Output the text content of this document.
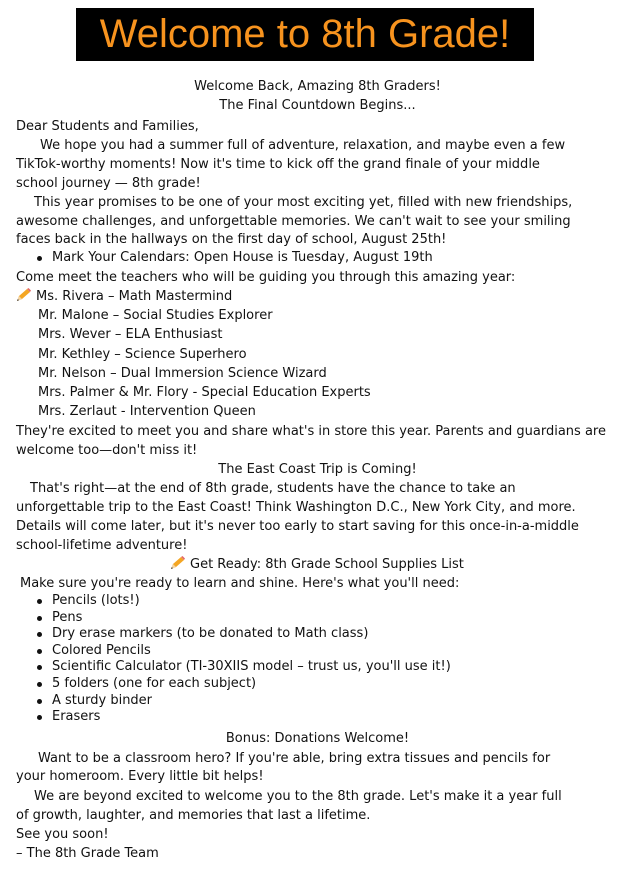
Welcome to 8th Grade!
Welcome Back, Amazing 8th Graders!
The Final Countdown Begins...
Dear Students and Families,
We hope you had a summer full of adventure, relaxation, and maybe even a few
TikTok-worthy moments! Now it's time to kick off the grand finale of your middle
school journey — 8th grade!
This year promises to be one of your most exciting yet, filled with new friendships,
awesome challenges, and unforgettable memories. We can't wait to see your smiling
faces back in the hallways on the first day of school, August 25th!
Mark Your Calendars: Open House is Tuesday, August 19th
Come meet the teachers who will be guiding you through this amazing year:
Ms. Rivera – Math Mastermind
Mr. Malone – Social Studies Explorer
Mrs. Wever – ELA Enthusiast
Mr. Kethley – Science Superhero
Mr. Nelson – Dual Immersion Science Wizard
Mrs. Palmer & Mr. Flory - Special Education Experts
Mrs. Zerlaut - Intervention Queen
They're excited to meet you and share what's in store this year. Parents and guardians are
welcome too—don't miss it!
The East Coast Trip is Coming!
That's right—at the end of 8th grade, students have the chance to take an
unforgettable trip to the East Coast! Think Washington D.C., New York City, and more.
Details will come later, but it's never too early to start saving for this once-in-a-middle
school-lifetime adventure!
Get Ready: 8th Grade School Supplies List
Make sure you're ready to learn and shine. Here's what you'll need:
Pencils (lots!)
Pens
Dry erase markers (to be donated to Math class)
Colored Pencils
Scientific Calculator (TI-30XIIS model – trust us, you'll use it!)
5 folders (one for each subject)
A sturdy binder
Erasers
Bonus: Donations Welcome!
Want to be a classroom hero? If you're able, bring extra tissues and pencils for
your homeroom. Every little bit helps!
We are beyond excited to welcome you to the 8th grade. Let's make it a year full
of growth, laughter, and memories that last a lifetime.
See you soon!
– The 8th Grade Team
